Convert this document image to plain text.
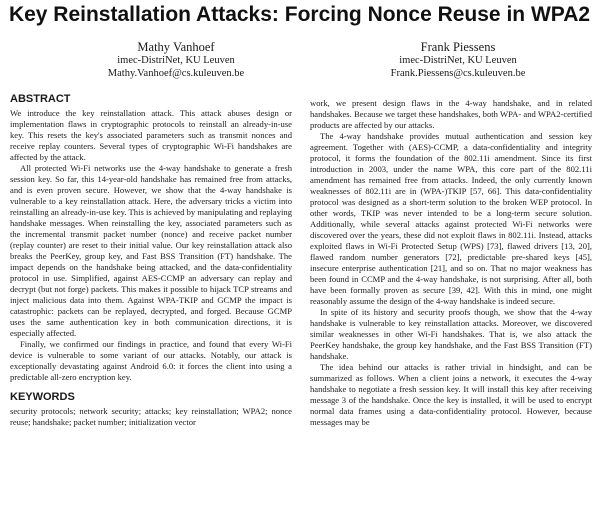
Key Reinstallation Attacks: Forcing Nonce Reuse in WPA2
Mathy Vanhoef
imec-DistriNet, KU Leuven
Mathy.Vanhoef@cs.kuleuven.be
Frank Piessens
imec-DistriNet, KU Leuven
Frank.Piessens@cs.kuleuven.be
ABSTRACT

We introduce the key reinstallation attack. This attack abuses design or implementation flaws in cryptographic protocols to reinstall an already-in-use key. This resets the key's associated parameters such as transmit nonces and receive replay counters. Several types of cryptographic Wi-Fi handshakes are affected by the attack.

All protected Wi-Fi networks use the 4-way handshake to generate a fresh session key. So far, this 14-year-old handshake has remained free from attacks, and is even proven secure. However, we show that the 4-way handshake is vulnerable to a key reinstallation attack. Here, the adversary tricks a victim into reinstalling an already-in-use key. This is achieved by manipulating and replaying handshake messages. When reinstalling the key, associated parameters such as the incremental transmit packet number (nonce) and receive packet number (replay counter) are reset to their initial value. Our key reinstallation attack also breaks the PeerKey, group key, and Fast BSS Transition (FT) handshake. The impact depends on the handshake being attacked, and the data-confidentiality protocol in use. Simplified, against AES-CCMP an adversary can replay and decrypt (but not forge) packets. This makes it possible to hijack TCP streams and inject malicious data into them. Against WPA-TKIP and GCMP the impact is catastrophic: packets can be replayed, decrypted, and forged. Because GCMP uses the same authentication key in both communication directions, it is especially affected.

Finally, we confirmed our findings in practice, and found that every Wi-Fi device is vulnerable to some variant of our attacks. Notably, our attack is exceptionally devastating against Android 6.0: it forces the client into using a predictable all-zero encryption key.

KEYWORDS

security protocols; network security; attacks; key reinstallation; WPA2; nonce reuse; handshake; packet number; initialization vector

work, we present design flaws in the 4-way handshake, and in related handshakes. Because we target these handshakes, both WPA- and WPA2-certified products are affected by our attacks.

The 4-way handshake provides mutual authentication and session key agreement. Together with (AES)-CCMP, a data-confidentiality and integrity protocol, it forms the foundation of the 802.11i amendment. Since its first introduction in 2003, under the name WPA, this core part of the 802.11i amendment has remained free from attacks. Indeed, the only currently known weaknesses of 802.11i are in (WPA-)TKIP [57, 66]. This data-confidentiality protocol was designed as a short-term solution to the broken WEP protocol. In other words, TKIP was never intended to be a long-term secure solution. Additionally, while several attacks against protected Wi-Fi networks were discovered over the years, these did not exploit flaws in 802.11i. Instead, attacks exploited flaws in Wi-Fi Protected Setup (WPS) [73], flawed drivers [13, 20], flawed random number generators [72], predictable pre-shared keys [45], insecure enterprise authentication [21], and so on. That no major weakness has been found in CCMP and the 4-way handshake, is not surprising. After all, both have been formally proven as secure [39, 42]. With this in mind, one might reasonably assume the design of the 4-way handshake is indeed secure.

In spite of its history and security proofs though, we show that the 4-way handshake is vulnerable to key reinstallation attacks. Moreover, we discovered similar weaknesses in other Wi-Fi handshakes. That is, we also attack the PeerKey handshake, the group key handshake, and the Fast BSS Transition (FT) handshake.

The idea behind our attacks is rather trivial in hindsight, and can be summarized as follows. When a client joins a network, it executes the 4-way handshake to negotiate a fresh session key. It will install this key after receiving message 3 of the handshake. Once the key is installed, it will be used to encrypt normal data frames using a data-confidentiality protocol. However, because messages may be
